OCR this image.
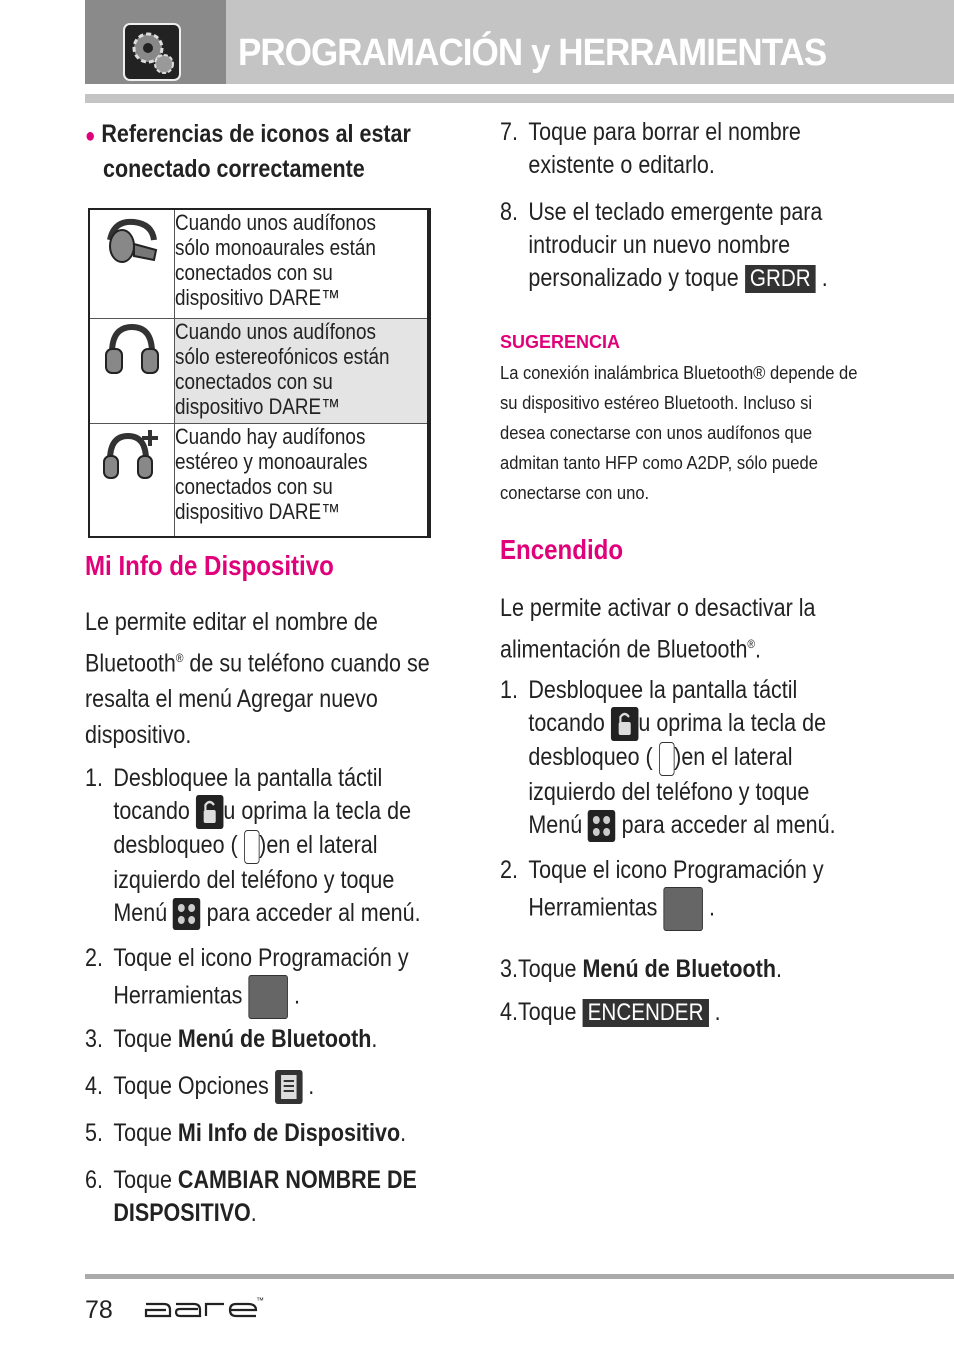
PROGRAMACIÓN y HERRAMIENTAS
● Referencias de iconos al estar
conectado correctamente

Cuando unos audífonos
sólo monoaurales están
conectados con su
dispositivo DARE™

Cuando unos audífonos
sólo estereofónicos están
conectados con su
dispositivo DARE™

Cuando hay audífonos
estéreo y monoaurales
conectados con su
dispositivo DARE™
Mi Info de Dispositivo
Le permite editar el nombre de
Bluetooth® de su teléfono cuando se
resalta el menú Agregar nuevo
dispositivo.
1. Desbloquee la pantalla táctil
tocando u oprima la tecla de
desbloqueo ( )en el lateral
izquierdo del teléfono y toque
Menú  para acceder al menú.
2. Toque el icono Programación y
Herramientas  .
3. Toque Menú de Bluetooth.
4. Toque Opciones  .
5. Toque Mi Info de Dispositivo.
6. Toque CAMBIAR NOMBRE DE
DISPOSITIVO.
7. Toque para borrar el nombre
existente o editarlo.
8. Use el teclado emergente para
introducir un nuevo nombre
personalizado y toque GRDR .
SUGERENCIA
La conexión inalámbrica Bluetooth® depende de
su dispositivo estéreo Bluetooth. Incluso si
desea conectarse con unos audífonos que
admitan tanto HFP como A2DP, sólo puede
conectarse con uno.
Encendido
Le permite activar o desactivar la
alimentación de Bluetooth®.
1. Desbloquee la pantalla táctil
tocando u oprima la tecla de
desbloqueo ( )en el lateral
izquierdo del teléfono y toque
Menú  para acceder al menú.
2. Toque el icono Programación y
Herramientas  .
3.Toque Menú de Bluetooth.
4.Toque ENCENDER .
78	™
